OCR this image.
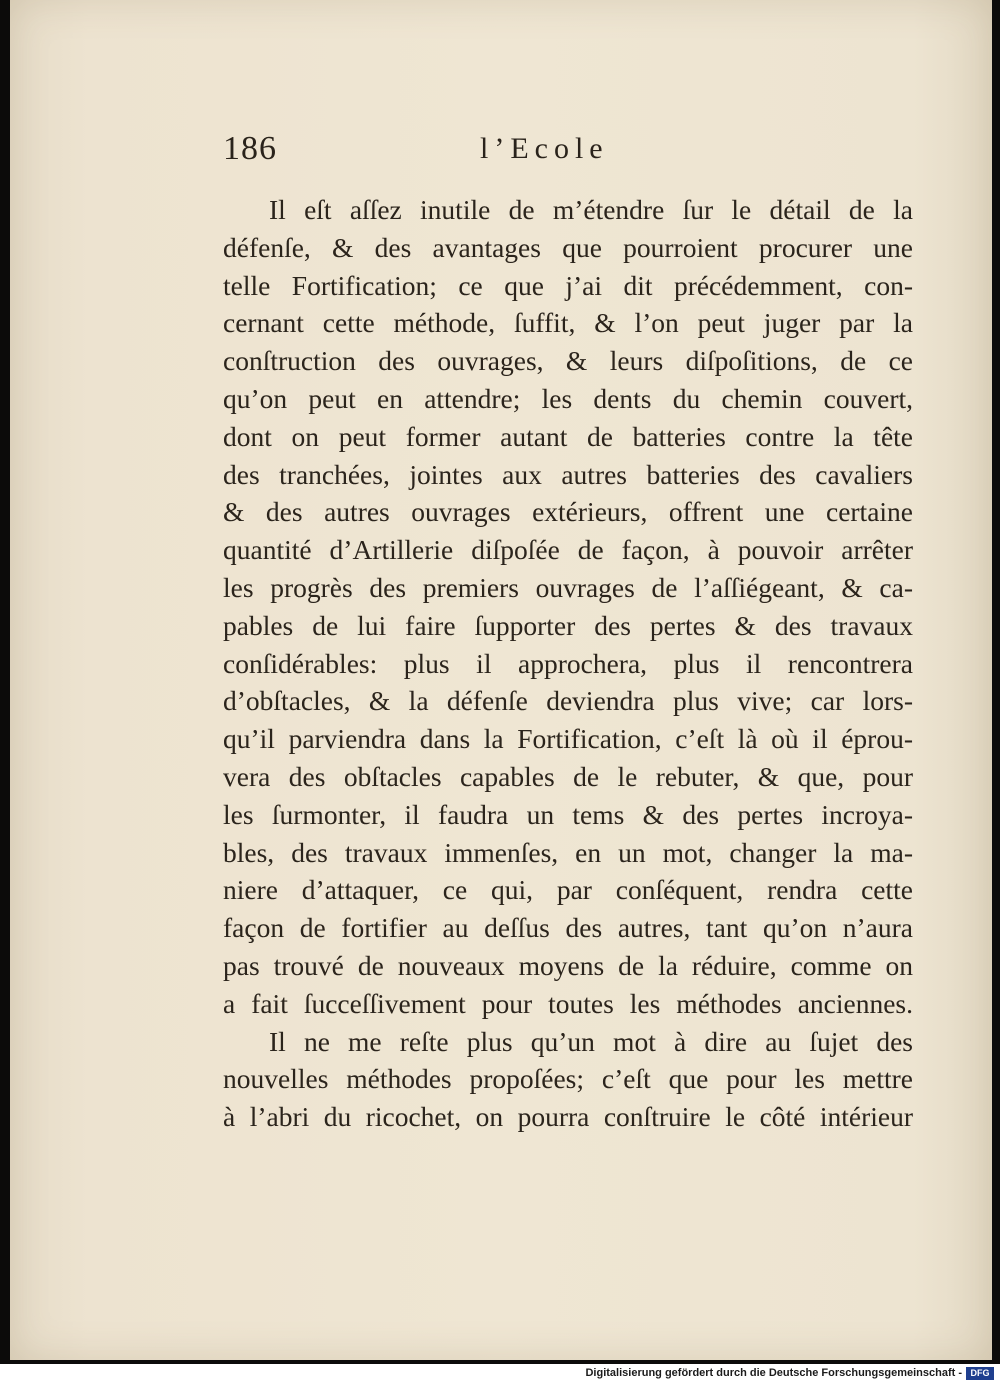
186	l’Ecole
Il eſt aſſez inutile de m’étendre ſur le détail de la
défenſe, & des avantages que pourroient procurer une
telle Fortification; ce que j’ai dit précédemment, con-
cernant cette méthode, ſuffit, & l’on peut juger par la
conſtruction des ouvrages, & leurs diſpoſitions, de ce
qu’on peut en attendre; les dents du chemin couvert,
dont on peut former autant de batteries contre la tête
des tranchées, jointes aux autres batteries des cavaliers
& des autres ouvrages extérieurs, offrent une certaine
quantité d’Artillerie diſpoſée de façon, à pouvoir arrêter
les progrès des premiers ouvrages de l’aſſiégeant, & ca-
pables de lui faire ſupporter des pertes & des travaux
conſidérables: plus il approchera, plus il rencontrera
d’obſtacles, & la défenſe deviendra plus vive; car lors-
qu’il parviendra dans la Fortification, c’eſt là où il éprou-
vera des obſtacles capables de le rebuter, & que, pour
les ſurmonter, il faudra un tems & des pertes incroya-
bles, des travaux immenſes, en un mot, changer la ma-
niere d’attaquer, ce qui, par conſéquent, rendra cette
façon de fortifier au deſſus des autres, tant qu’on n’aura
pas trouvé de nouveaux moyens de la réduire, comme on
a fait ſucceſſivement pour toutes les méthodes anciennes.
Il ne me reſte plus qu’un mot à dire au ſujet des
nouvelles méthodes propoſées; c’eſt que pour les mettre
à l’abri du ricochet, on pourra conſtruire le côté intérieur
Digitalisierung gefördert durch die Deutsche Forschungsgemeinschaft - DFG
